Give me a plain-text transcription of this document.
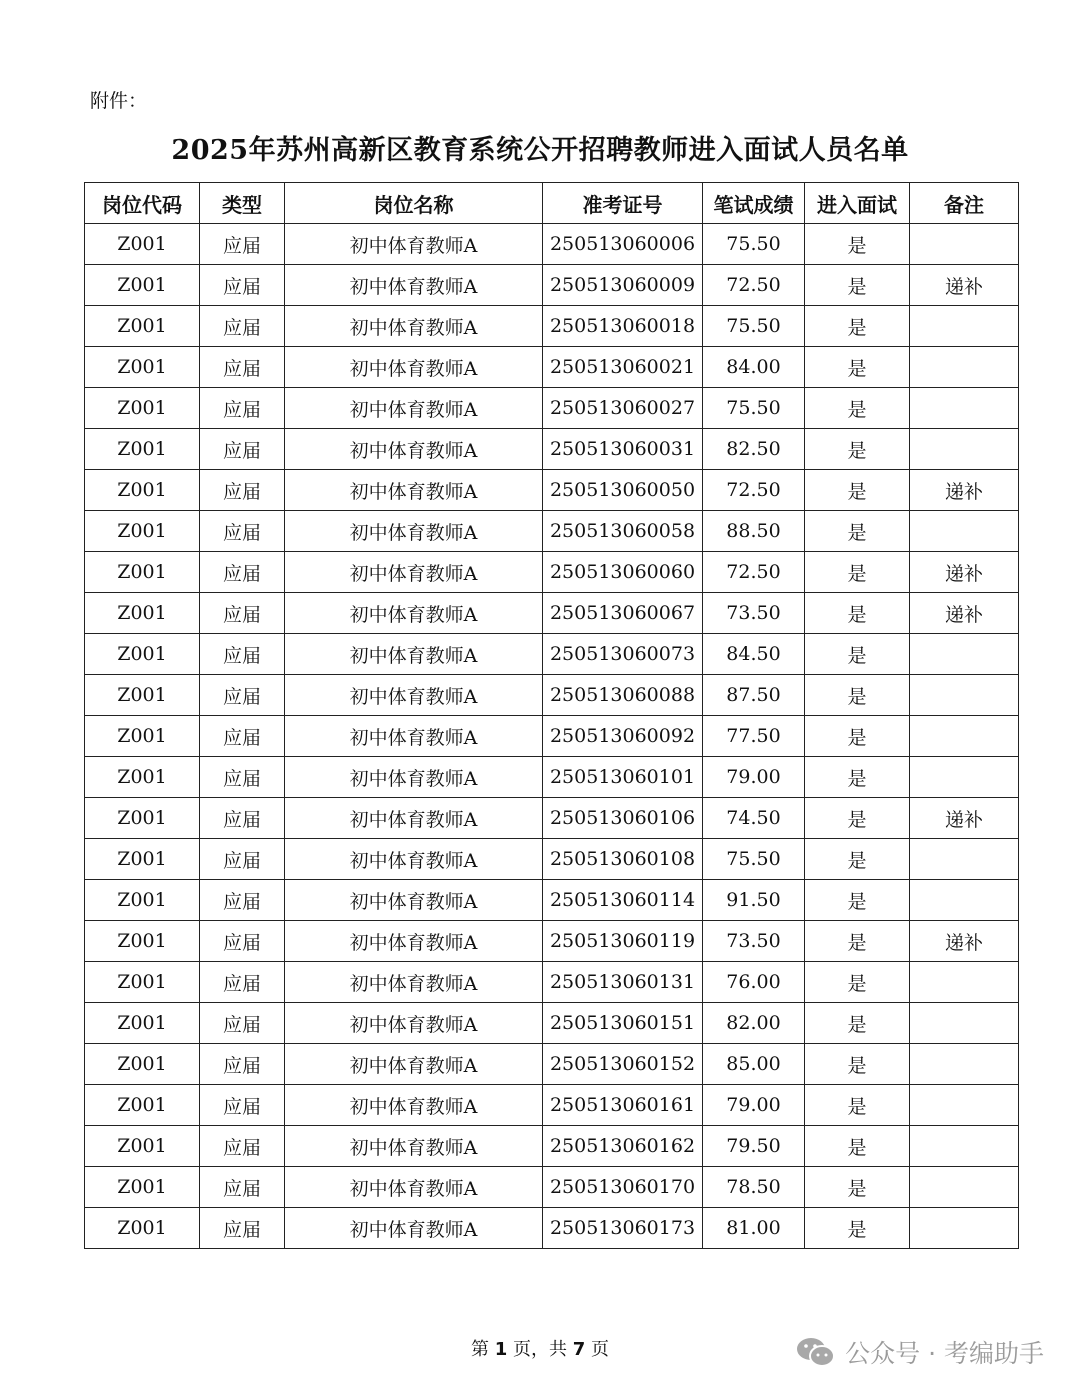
附件：
2025年苏州高新区教育系统公开招聘教师进入面试人员名单
岗位代码	类型	岗位名称	准考证号	笔试成绩	进入面试	备注
Z001	应届	初中体育教师A	250513060006	75.50	是	
Z001	应届	初中体育教师A	250513060009	72.50	是	递补
Z001	应届	初中体育教师A	250513060018	75.50	是	
Z001	应届	初中体育教师A	250513060021	84.00	是	
Z001	应届	初中体育教师A	250513060027	75.50	是	
Z001	应届	初中体育教师A	250513060031	82.50	是	
Z001	应届	初中体育教师A	250513060050	72.50	是	递补
Z001	应届	初中体育教师A	250513060058	88.50	是	
Z001	应届	初中体育教师A	250513060060	72.50	是	递补
Z001	应届	初中体育教师A	250513060067	73.50	是	递补
Z001	应届	初中体育教师A	250513060073	84.50	是	
Z001	应届	初中体育教师A	250513060088	87.50	是	
Z001	应届	初中体育教师A	250513060092	77.50	是	
Z001	应届	初中体育教师A	250513060101	79.00	是	
Z001	应届	初中体育教师A	250513060106	74.50	是	递补
Z001	应届	初中体育教师A	250513060108	75.50	是	
Z001	应届	初中体育教师A	250513060114	91.50	是	
Z001	应届	初中体育教师A	250513060119	73.50	是	递补
Z001	应届	初中体育教师A	250513060131	76.00	是	
Z001	应届	初中体育教师A	250513060151	82.00	是	
Z001	应届	初中体育教师A	250513060152	85.00	是	
Z001	应届	初中体育教师A	250513060161	79.00	是	
Z001	应届	初中体育教师A	250513060162	79.50	是	
Z001	应届	初中体育教师A	250513060170	78.50	是	
Z001	应届	初中体育教师A	250513060173	81.00	是	
第 1 页，共 7 页	公众号 · 考编助手
